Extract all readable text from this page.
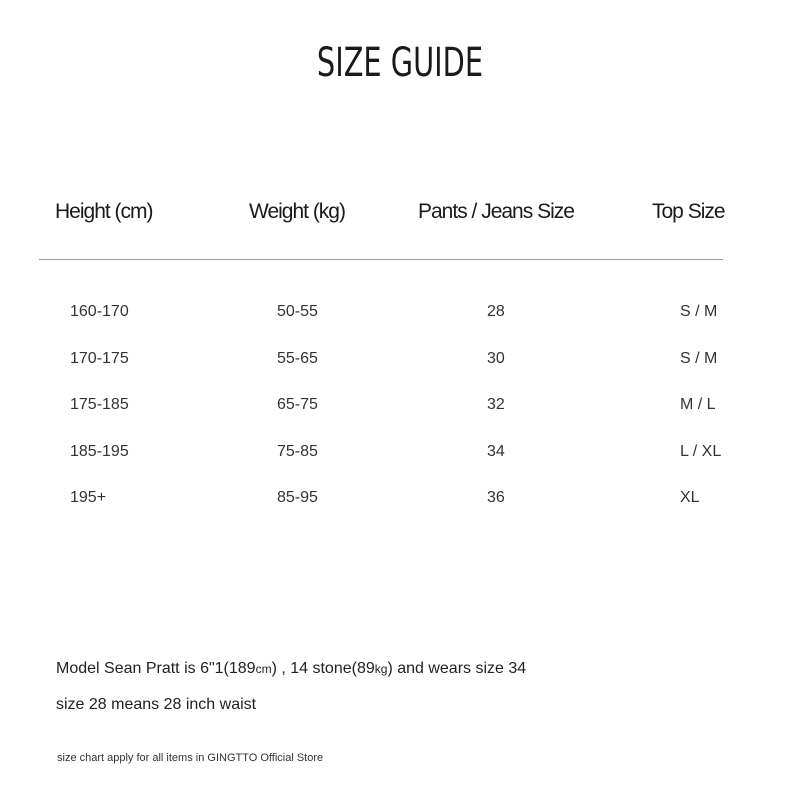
SIZE GUIDE
Height (cm)	Weight (kg)	Pants / Jeans Size	Top Size
160-170	50-55	28	S / M
170-175	55-65	30	S / M
175-185	65-75	32	M / L
185-195	75-85	34	L / XL
195+	85-95	36	XL
Model Sean Pratt is 6"1(189cm) , 14 stone(89kg) and wears size 34
size 28 means 28 inch waist
size chart apply for all items in GINGTTO Official Store
